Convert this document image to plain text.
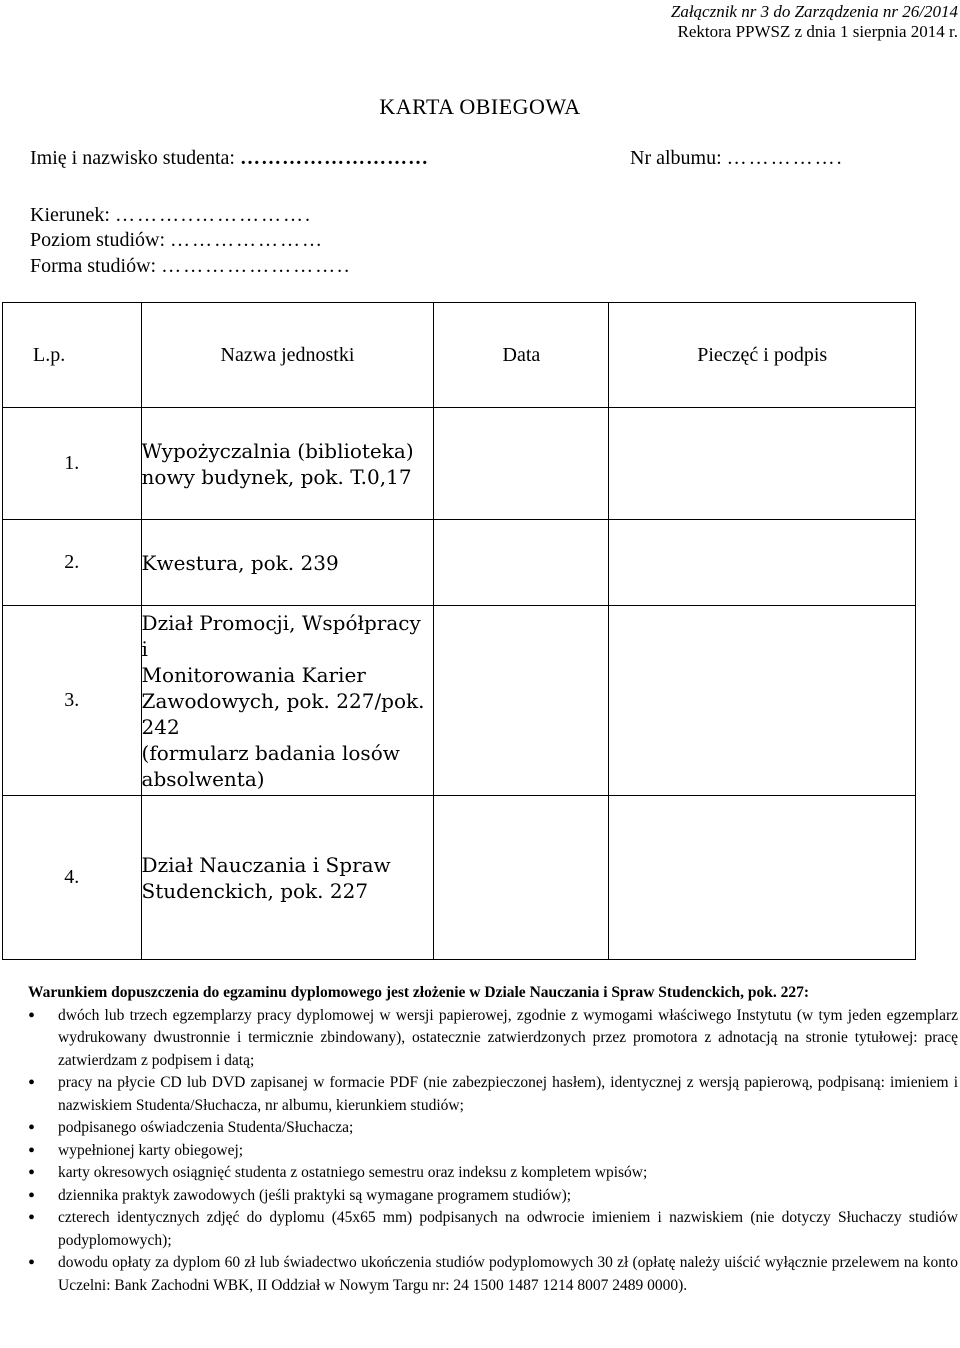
Załącznik nr 3 do Zarządzenia nr 26/2014
Rektora PPWSZ z dnia 1 sierpnia 2014 r.
KARTA OBIEGOWA
Imię i nazwisko studenta: ………………………	Nr albumu: …………….
Kierunek: ………..…………….
Poziom studiów: …………………
Forma studiów: ……………………..
L.p.	Nazwa jednostki	Data	Pieczęć i podpis
1.	Wypożyczalnia (biblioteka)
nowy budynek, pok. T.0,17		

2.	Kwestura, pok. 239		

3.	Dział Promocji, Współpracy i
Monitorowania Karier
Zawodowych, pok. 227/pok. 242
(formularz badania losów
absolwenta)		

4.	Dział Nauczania i Spraw
Studenckich, pok. 227		

Warunkiem dopuszczenia do egzaminu dyplomowego jest złożenie w Dziale Nauczania i Spraw Studenckich, pok. 227:
• dwóch lub trzech egzemplarzy pracy dyplomowej w wersji papierowej, zgodnie z wymogami właściwego Instytutu (w tym jeden egzemplarz wydrukowany dwustronnie i termicznie zbindowany), ostatecznie zatwierdzonych przez promotora z adnotacją na stronie tytułowej: pracę zatwierdzam z podpisem i datą;
• pracy na płycie CD lub DVD zapisanej w formacie PDF (nie zabezpieczonej hasłem), identycznej z wersją papierową, podpisaną: imieniem i nazwiskiem Studenta/Słuchacza, nr albumu, kierunkiem studiów;
• podpisanego oświadczenia Studenta/Słuchacza;
• wypełnionej karty obiegowej;
• karty okresowych osiągnięć studenta z ostatniego semestru oraz indeksu z kompletem wpisów;
• dziennika praktyk zawodowych (jeśli praktyki są wymagane programem studiów);
• czterech identycznych zdjęć do dyplomu (45x65 mm) podpisanych na odwrocie imieniem i nazwiskiem (nie dotyczy Słuchaczy studiów podyplomowych);
• dowodu opłaty za dyplom 60 zł lub świadectwo ukończenia studiów podyplomowych 30 zł (opłatę należy uiścić wyłącznie przelewem na konto Uczelni: Bank Zachodni WBK, II Oddział w Nowym Targu nr: 24 1500 1487 1214 8007 2489 0000).
